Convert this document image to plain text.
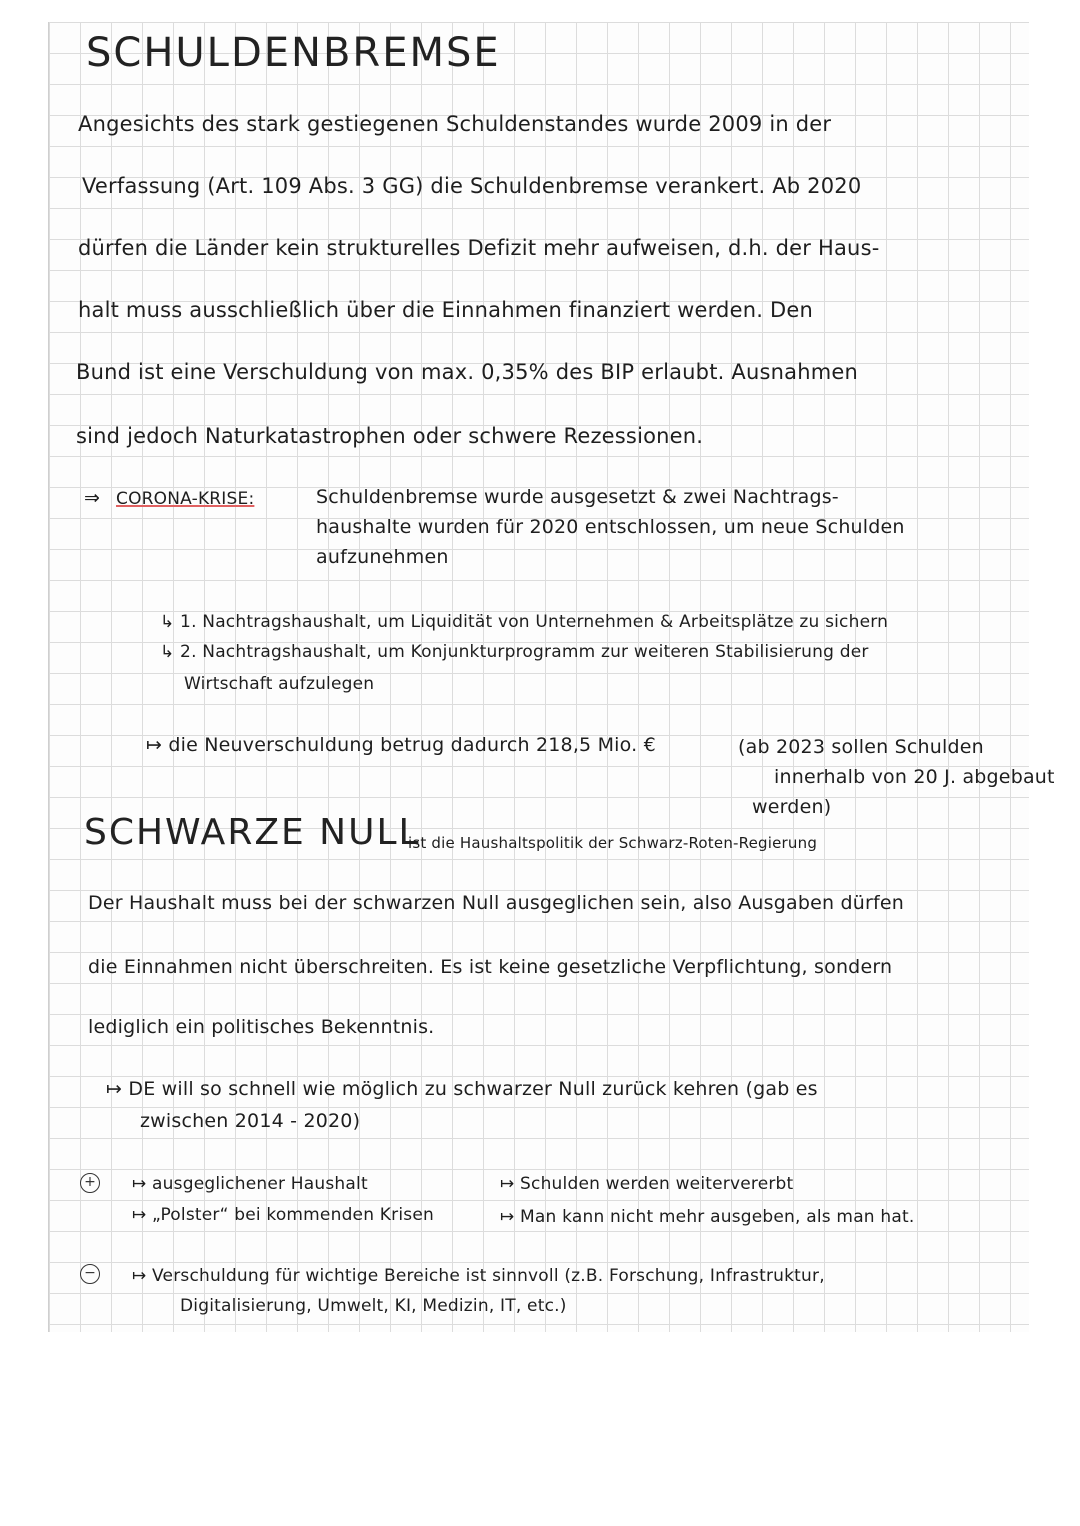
SCHULDENBREMSE
Angesichts des stark gestiegenen Schuldenstandes wurde 2009 in der
Verfassung (Art. 109 Abs. 3 GG) die Schuldenbremse verankert. Ab 2020
dürfen die Länder kein strukturelles Defizit mehr aufweisen, d.h. der Haus-
halt muss ausschließlich über die Einnahmen finanziert werden. Den
Bund ist eine Verschuldung von max. 0,35% des BIP erlaubt. Ausnahmen
sind jedoch Naturkatastrophen oder schwere Rezessionen.
⇒ CORONA-KRISE:	Schuldenbremse wurde ausgesetzt & zwei Nachtrags-
haushalte wurden für 2020 entschlossen, um neue Schulden
aufzunehmen
↳ 1. Nachtragshaushalt, um Liquidität von Unternehmen & Arbeitsplätze zu sichern
↳ 2. Nachtragshaushalt, um Konjunkturprogramm zur weiteren Stabilisierung der
Wirtschaft aufzulegen
↦ die Neuverschuldung betrug dadurch 218,5 Mio. €	(ab 2023 sollen Schulden
innerhalb von 20 J. abgebaut
werden)
SCHWARZE NULL
ist die Haushaltspolitik der Schwarz-Roten-Regierung
Der Haushalt muss bei der schwarzen Null ausgeglichen sein, also Ausgaben dürfen
die Einnahmen nicht überschreiten. Es ist keine gesetzliche Verpflichtung, sondern
lediglich ein politisches Bekenntnis.
↦ DE will so schnell wie möglich zu schwarzer Null zurück kehren (gab es
zwischen 2014 - 2020)
+ ↦ ausgeglichener Haushalt
↦ „Polster“ bei kommenden Krisen
↦ Schulden werden weitervererbt
↦ Man kann nicht mehr ausgeben, als man hat.
− ↦ Verschuldung für wichtige Bereiche ist sinnvoll (z.B. Forschung, Infrastruktur,
Digitalisierung, Umwelt, KI, Medizin, IT, etc.)
